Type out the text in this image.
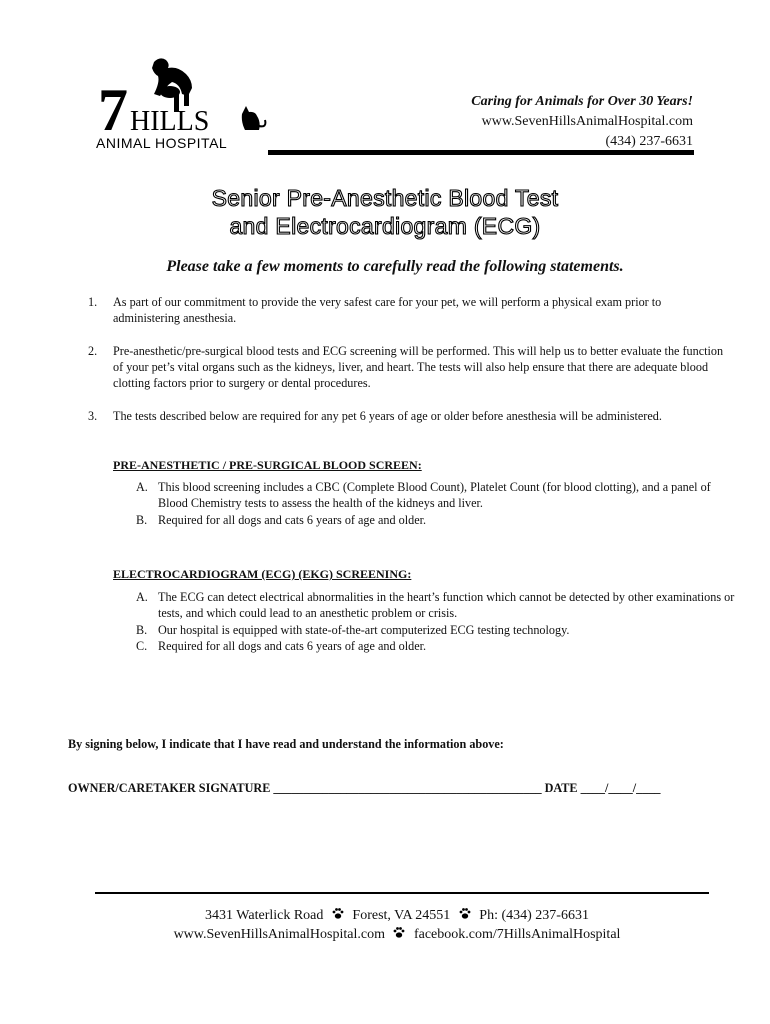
7 HILLS
ANIMAL HOSPITAL
Caring for Animals for Over 30 Years!
www.SevenHillsAnimalHospital.com
(434) 237-6631
Senior Pre-Anesthetic Blood Test
and Electrocardiogram (ECG)
Please take a few moments to carefully read the following statements.
1. As part of our commitment to provide the very safest care for your pet, we will perform a physical exam prior to administering anesthesia.
2. Pre-anesthetic/pre-surgical blood tests and ECG screening will be performed. This will help us to better evaluate the function of your pet’s vital organs such as the kidneys, liver, and heart. The tests will also help ensure that there are adequate blood clotting factors prior to surgery or dental procedures.
3. The tests described below are required for any pet 6 years of age or older before anesthesia will be administered.
PRE-ANESTHETIC / PRE-SURGICAL BLOOD SCREEN:
A. This blood screening includes a CBC (Complete Blood Count), Platelet Count (for blood clotting), and a panel of Blood Chemistry tests to assess the health of the kidneys and liver.
B. Required for all dogs and cats 6 years of age and older.
ELECTROCARDIOGRAM (ECG) (EKG) SCREENING:
A. The ECG can detect electrical abnormalities in the heart’s function which cannot be detected by other examinations or tests, and which could lead to an anesthetic problem or crisis.
B. Our hospital is equipped with state-of-the-art computerized ECG testing technology.
C. Required for all dogs and cats 6 years of age and older.
By signing below, I indicate that I have read and understand the information above:
OWNER/CARETAKER SIGNATURE ____________________________________________ DATE ____/____/____
3431 Waterlick Road Forest, VA 24551 Ph: (434) 237-6631
www.SevenHillsAnimalHospital.com facebook.com/7HillsAnimalHospital
